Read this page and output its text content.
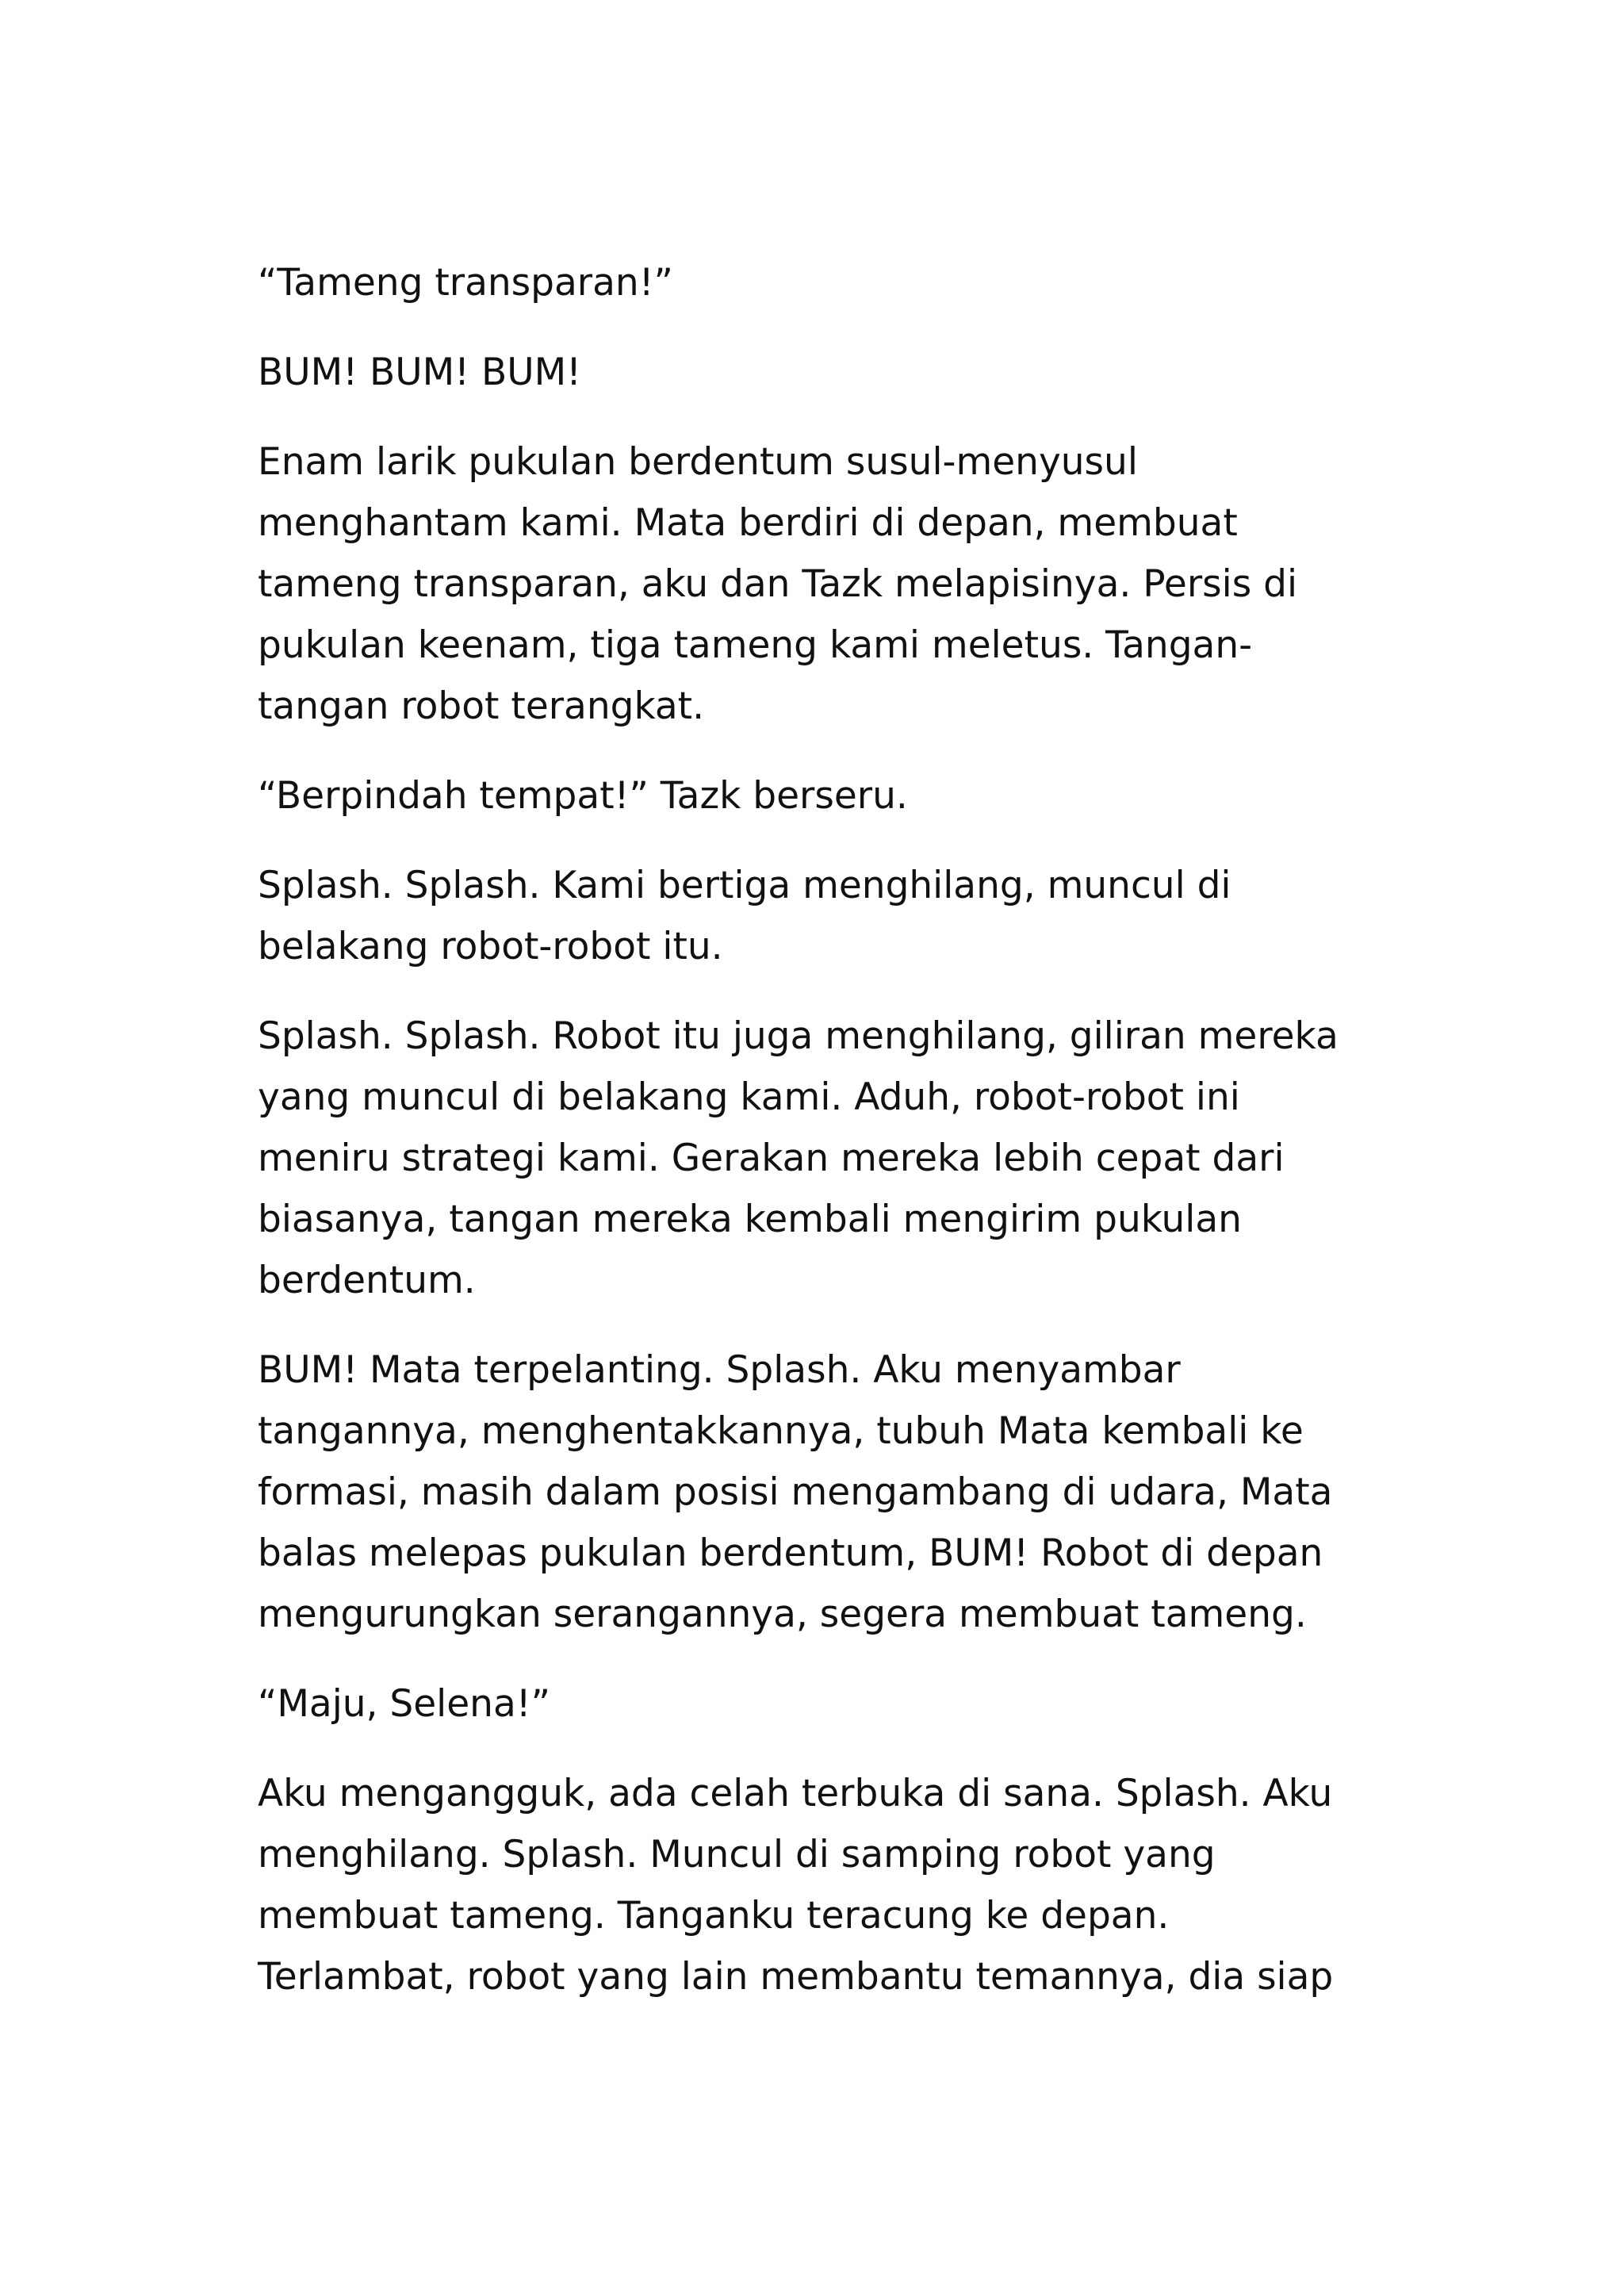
“Tameng transparan!”

BUM! BUM! BUM!

Enam larik pukulan berdentum susul-menyusul
menghantam kami. Mata berdiri di depan, membuat
tameng transparan, aku dan Tazk melapisinya. Persis di
pukulan keenam, tiga tameng kami meletus. Tangan-
tangan robot terangkat.

“Berpindah tempat!” Tazk berseru.

Splash. Splash. Kami bertiga menghilang, muncul di
belakang robot-robot itu.

Splash. Splash. Robot itu juga menghilang, giliran mereka
yang muncul di belakang kami. Aduh, robot-robot ini
meniru strategi kami. Gerakan mereka lebih cepat dari
biasanya, tangan mereka kembali mengirim pukulan
berdentum.

BUM! Mata terpelanting. Splash. Aku menyambar
tangannya, menghentakkannya, tubuh Mata kembali ke
formasi, masih dalam posisi mengambang di udara, Mata
balas melepas pukulan berdentum, BUM! Robot di depan
mengurungkan serangannya, segera membuat tameng.

“Maju, Selena!”

Aku mengangguk, ada celah terbuka di sana. Splash. Aku
menghilang. Splash. Muncul di samping robot yang
membuat tameng. Tanganku teracung ke depan.
Terlambat, robot yang lain membantu temannya, dia siap
